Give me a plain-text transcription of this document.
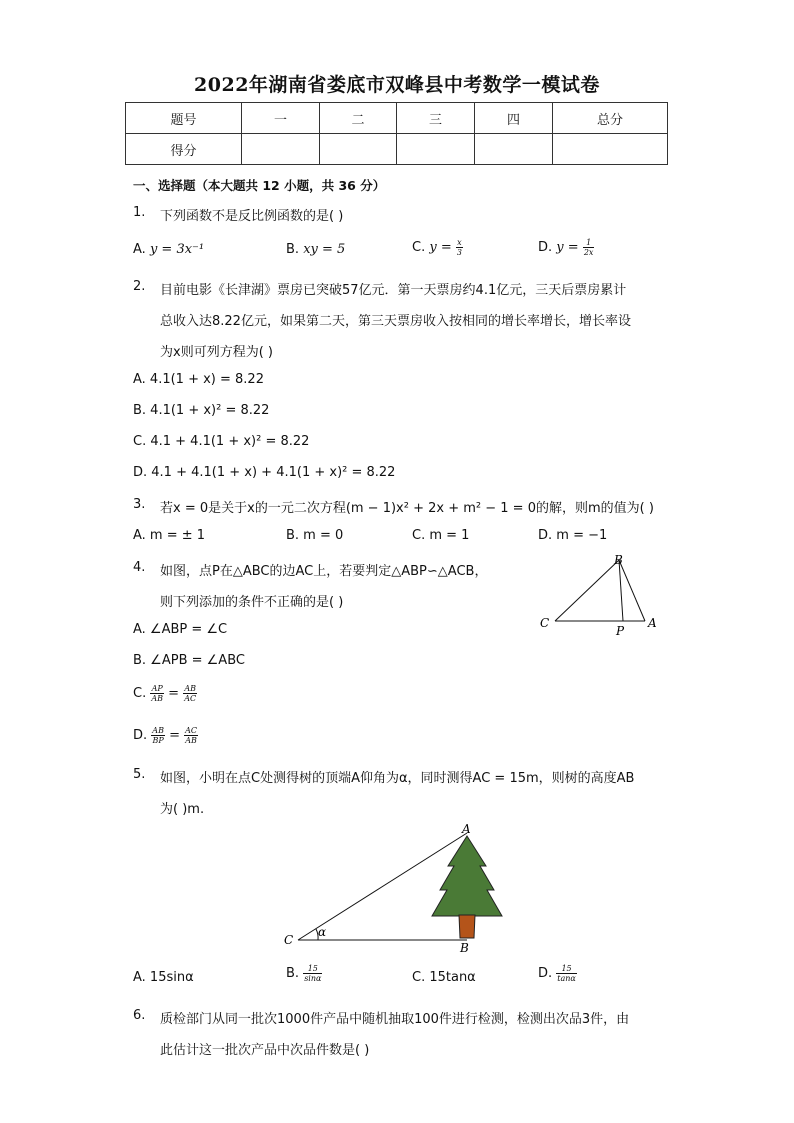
2022年湖南省娄底市双峰县中考数学一模试卷
题号	一	二	三	四	总分
得分					
一、选择题（本大题共 12 小题，共 36 分）
1. 下列函数不是反比例函数的是( )
A. y = 3x⁻¹	B. xy = 5	C. $y = \frac{x}{3}$	D. $y = \frac{1}{2x}$
2. 目前电影《长津湖》票房已突破57亿元．第一天票房约4.1亿元，三天后票房累计
总收入达8.22亿元，如果第二天，第三天票房收入按相同的增长率增长，增长率设
为x则可列方程为( )
A. 4.1(1 + x) = 8.22
B. 4.1(1 + x)² = 8.22
C. 4.1 + 4.1(1 + x)² = 8.22
D. 4.1 + 4.1(1 + x) + 4.1(1 + x)² = 8.22
3. 若x = 0是关于x的一元二次方程(m − 1)x² + 2x + m² − 1 = 0的解，则m的值为( )
A. m = ± 1	B. m = 0	C. m = 1	D. m = −1
4. 如图，点P在△ABC的边AC上，若要判定△ABP∽△ACB，
则下列添加的条件不正确的是( )
A. ∠ABP = ∠C
B. ∠APB = ∠ABC
C. $\frac{AP}{AB} = \frac{AB}{AC}$
D. $\frac{AB}{BP} = \frac{AC}{AB}$
B
C
P
A
5. 如图，小明在点C处测得树的顶端A仰角为α，同时测得AC = 15m，则树的高度AB
为( )m.
A
B
C
α
A. 15sinα	B. $\frac{15}{\sin\alpha}$	C. 15tanα	D. $\frac{15}{\tan\alpha}$
6. 质检部门从同一批次1000件产品中随机抽取100件进行检测，检测出次品3件，由
此估计这一批次产品中次品件数是( )
